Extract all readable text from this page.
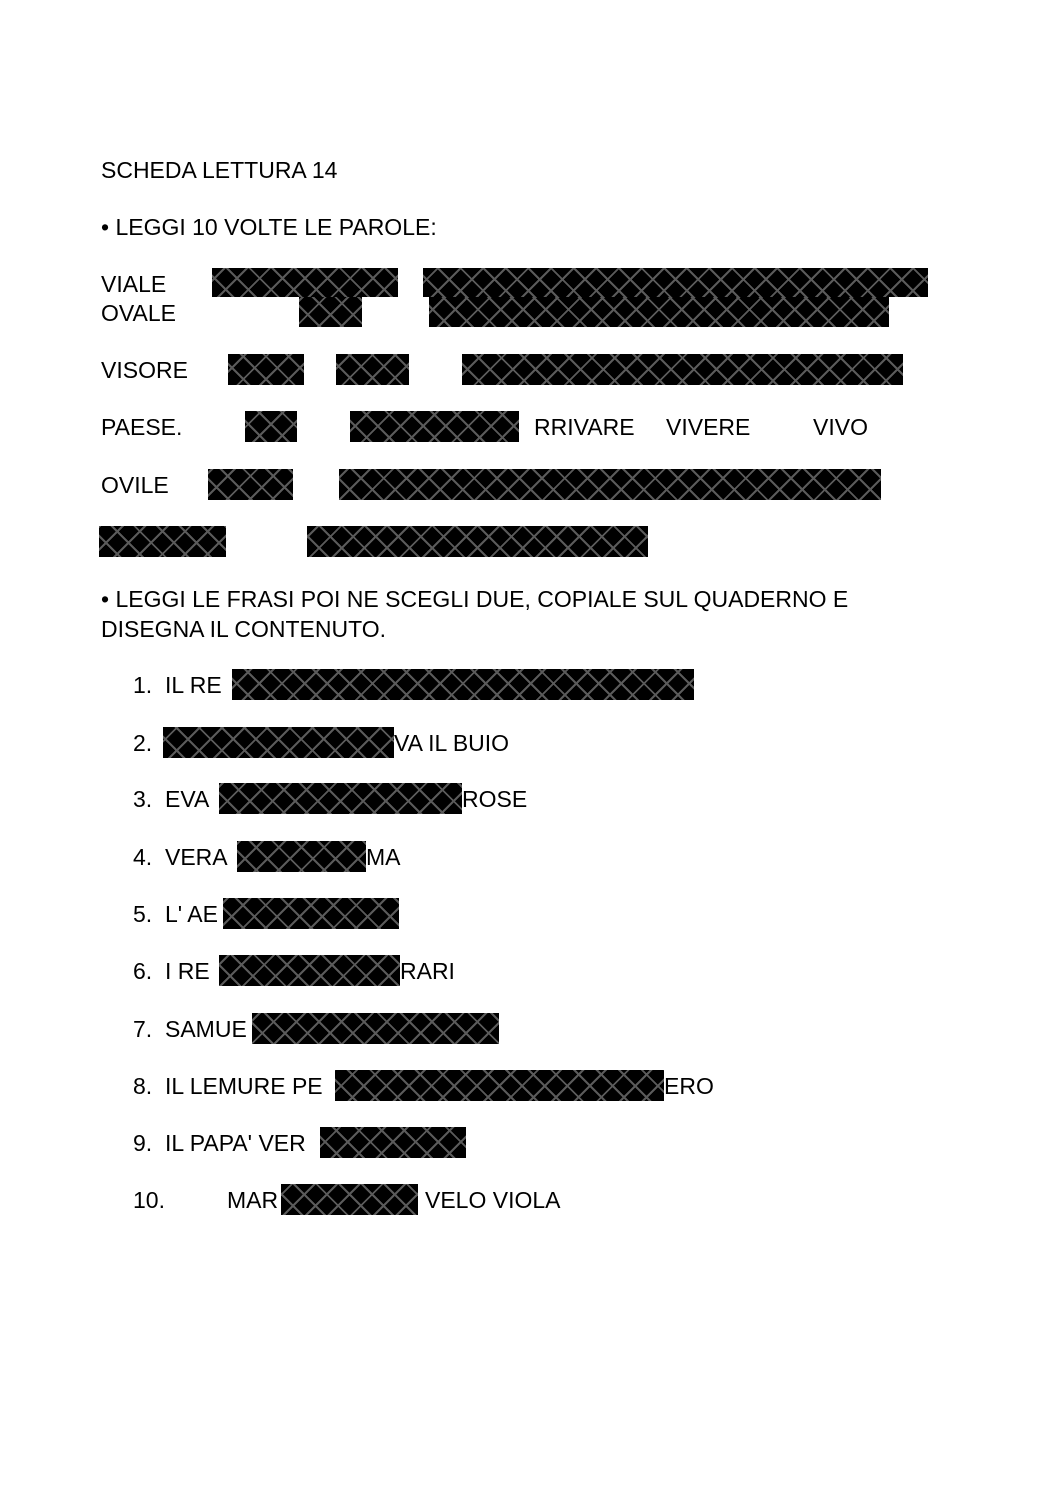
SCHEDA LETTURA 14
• LEGGI 10 VOLTE LE PAROLE:
VIALE
OVALE
VISORE
PAESE.	RRIVARE VIVERE	VIVO
OVILE
• LEGGI LE FRASI POI NE SCEGLI DUE, COPIALE SUL QUADERNO E
DISEGNA IL CONTENUTO.
1. IL RE
2.	VA IL BUIO
3. EVA	ROSE
4. VERA	MA
5. L' AE
6. I RE	RARI
7. SAMUE
8. IL LEMURE PE	ERO
9. IL PAPA' VER
10.	MAR	VELO VIOLA
